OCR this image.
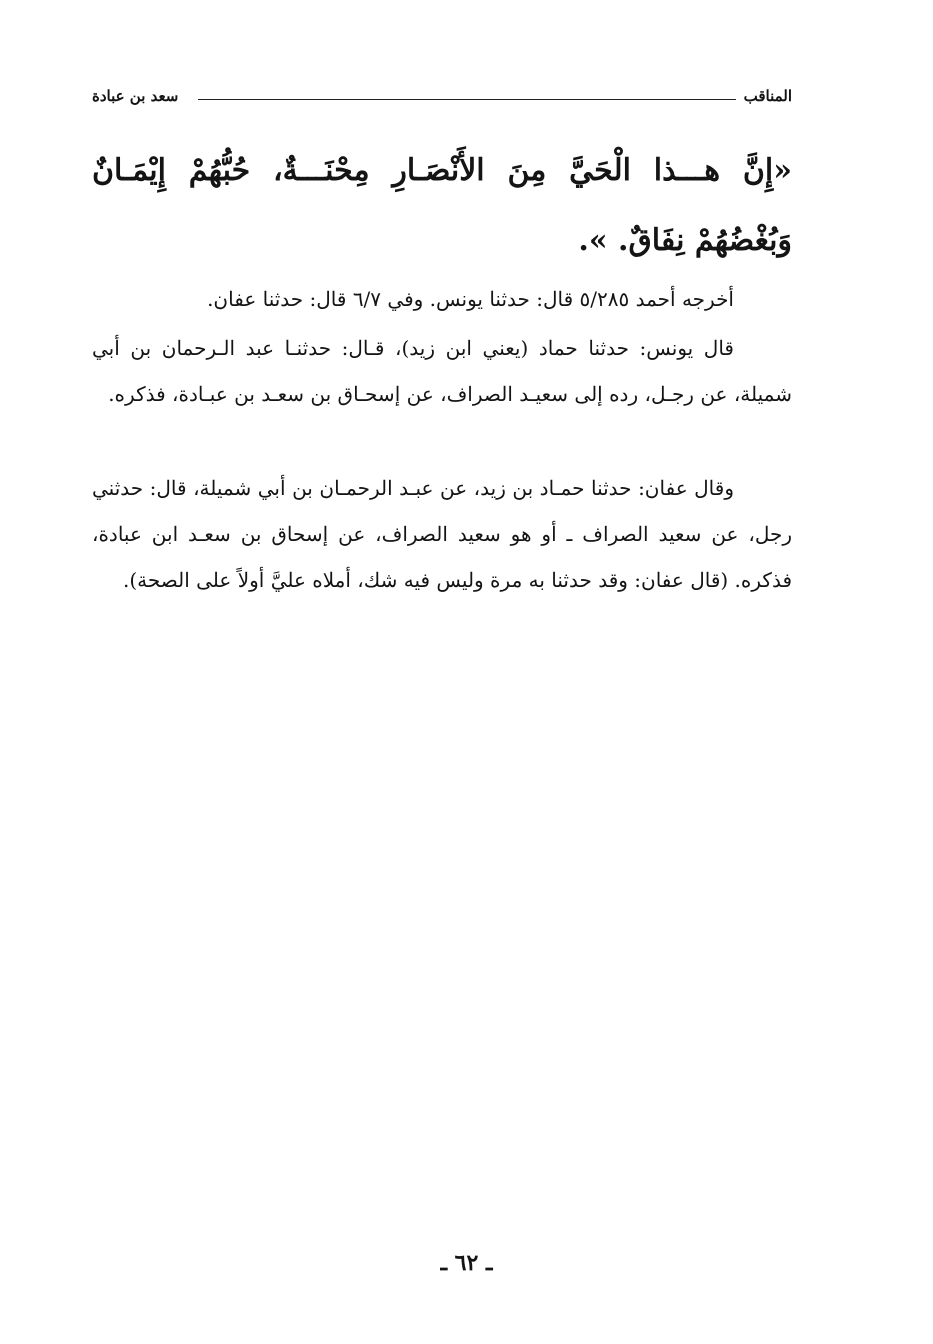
المناقب
سعد بن عبادة
«إِنَّ هـــذا الْحَيَّ مِنَ الأَنْصَـارِ مِحْنَـــةٌ، حُبُّهُمْ إِيْمَـانٌ وَبُغْضُهُمْ نِفَاقٌ. ».
أخرجه أحمد ٥/٢٨٥ قال: حدثنا يونس. وفي ٦/٧ قال: حدثنا عفان.
قال يونس: حدثنا حماد (يعني ابن زيد)، قـال: حدثنـا عبد الـرحمان بن أبي شميلة، عن رجـل، رده إلى سعيـد الصراف، عن إسحـاق بن سعـد بن عبـادة، فذكره.
وقال عفان: حدثنا حمـاد بن زيد، عن عبـد الرحمـان بن أبي شميلة، قال: حدثني رجل، عن سعيد الصراف ـ أو هو سعيد الصراف، عن إسحاق بن سعـد ابن عبادة، فذكره. (قال عفان: وقد حدثنا به مرة وليس فيه شك، أملاه عليَّ أولاً على الصحة).
ـ ٦٢ ـ
